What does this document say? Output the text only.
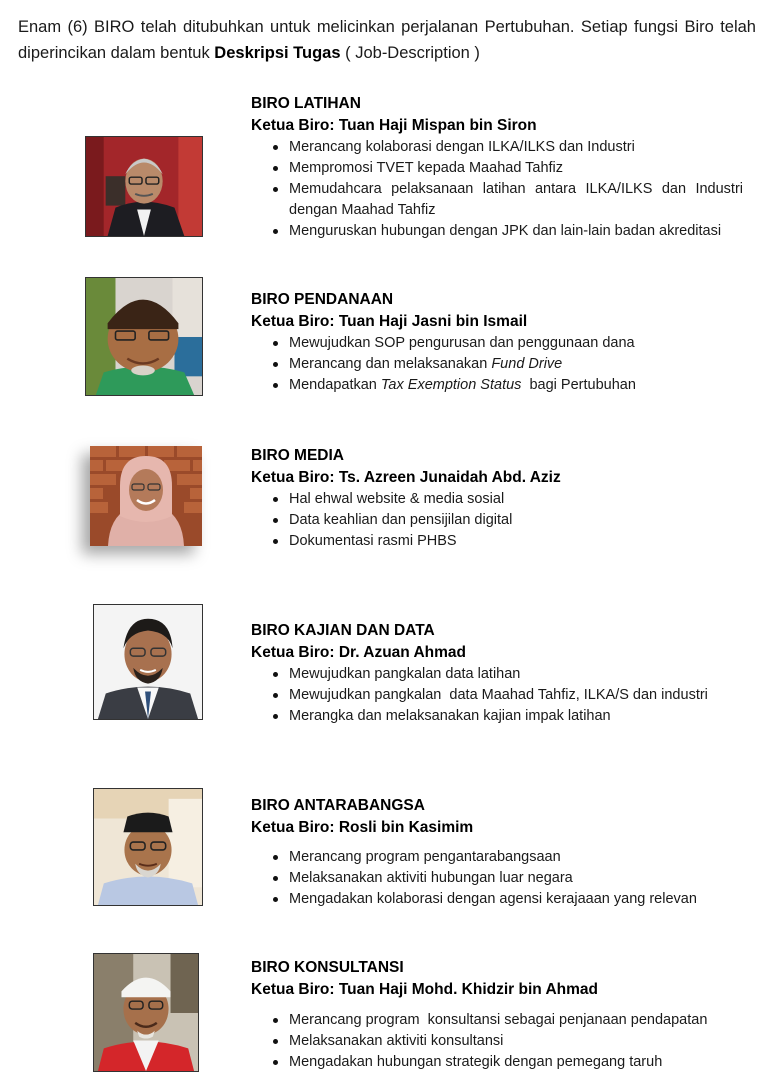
Enam (6) BIRO telah ditubuhkan untuk melicinkan perjalanan Pertubuhan. Setiap fungsi Biro telah diperincikan dalam bentuk Deskripsi Tugas ( Job-Description )

BIRO LATIHAN

Ketua Biro: Tuan Haji Mispan bin Siron

Merancang kolaborasi dengan ILKA/ILKS dan Industri
Mempromosi TVET kepada Maahad Tahfiz
Memudahcara pelaksanaan latihan antara ILKA/ILKS dan Industri dengan Maahad Tahfiz
Menguruskan hubungan dengan JPK dan lain-lain badan akreditasi

BIRO PENDANAAN

Ketua Biro: Tuan Haji Jasni bin Ismail

Mewujudkan SOP pengurusan dan penggunaan dana
Merancang dan melaksanakan Fund Drive
Mendapatkan Tax Exemption Status  bagi Pertubuhan

BIRO MEDIA

Ketua Biro: Ts. Azreen Junaidah Abd. Aziz

Hal ehwal website & media sosial
Data keahlian dan pensijilan digital
Dokumentasi rasmi PHBS

BIRO KAJIAN DAN DATA

Ketua Biro: Dr. Azuan Ahmad

Mewujudkan pangkalan data latihan
Mewujudkan pangkalan  data Maahad Tahfiz, ILKA/S dan industri
Merangka dan melaksanakan kajian impak latihan

BIRO ANTARABANGSA

Ketua Biro: Rosli bin Kasimim

Merancang program pengantarabangsaan
Melaksanakan aktiviti hubungan luar negara
Mengadakan kolaborasi dengan agensi kerajaaan yang relevan

BIRO KONSULTANSI

Ketua Biro: Tuan Haji Mohd. Khidzir bin Ahmad

Merancang program  konsultansi sebagai penjanaan pendapatan
Melaksanakan aktiviti konsultansi
Mengadakan hubungan strategik dengan pemegang taruh
